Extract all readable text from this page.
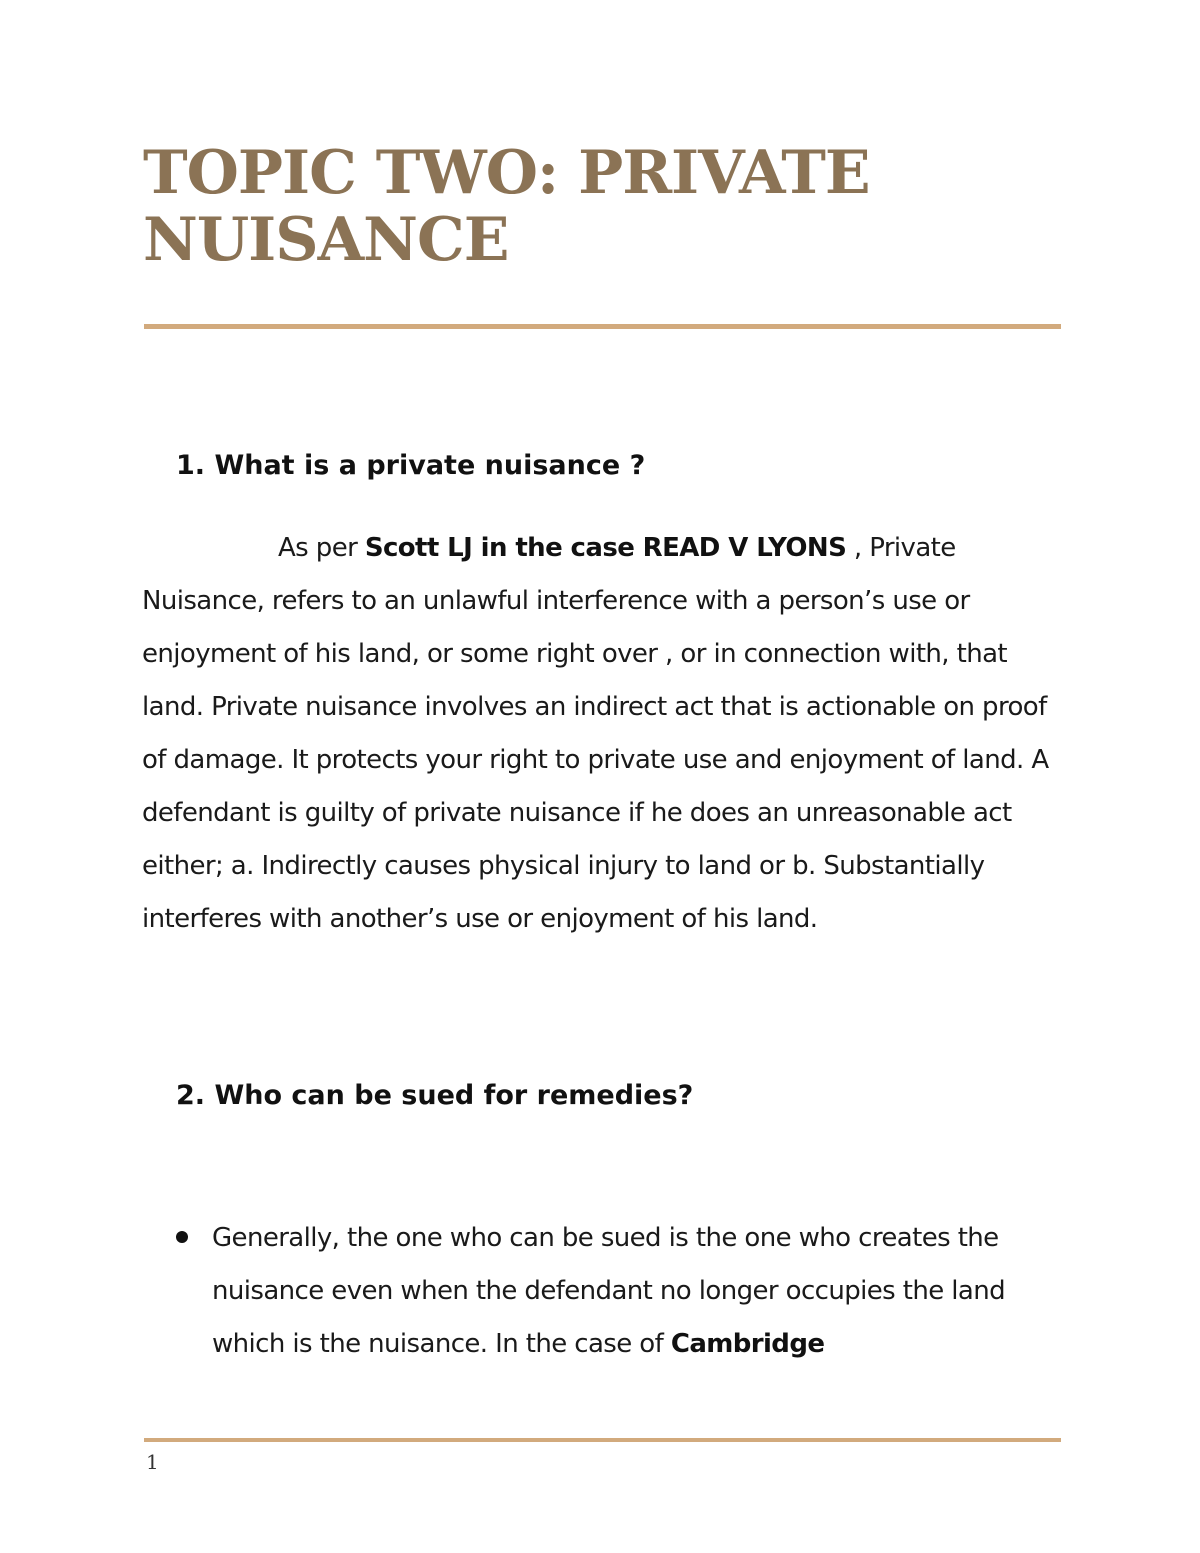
TOPIC TWO: PRIVATE NUISANCE
1. What is a private nuisance ?

As per Scott LJ in the case READ V LYONS , Private Nuisance, refers to an unlawful interference with a person’s use or enjoyment of his land, or some right over , or in connection with, that land. Private nuisance involves an indirect act that is actionable on proof of damage. It protects your right to private use and enjoyment of land. A defendant is guilty of private nuisance if he does an unreasonable act either; a. Indirectly causes physical injury to land or b. Substantially interferes with another’s use or enjoyment of his land.

2. Who can be sued for remedies?

Generally, the one who can be sued is the one who creates the nuisance even when the defendant no longer occupies the land which is the nuisance. In the case of Cambridge

1
